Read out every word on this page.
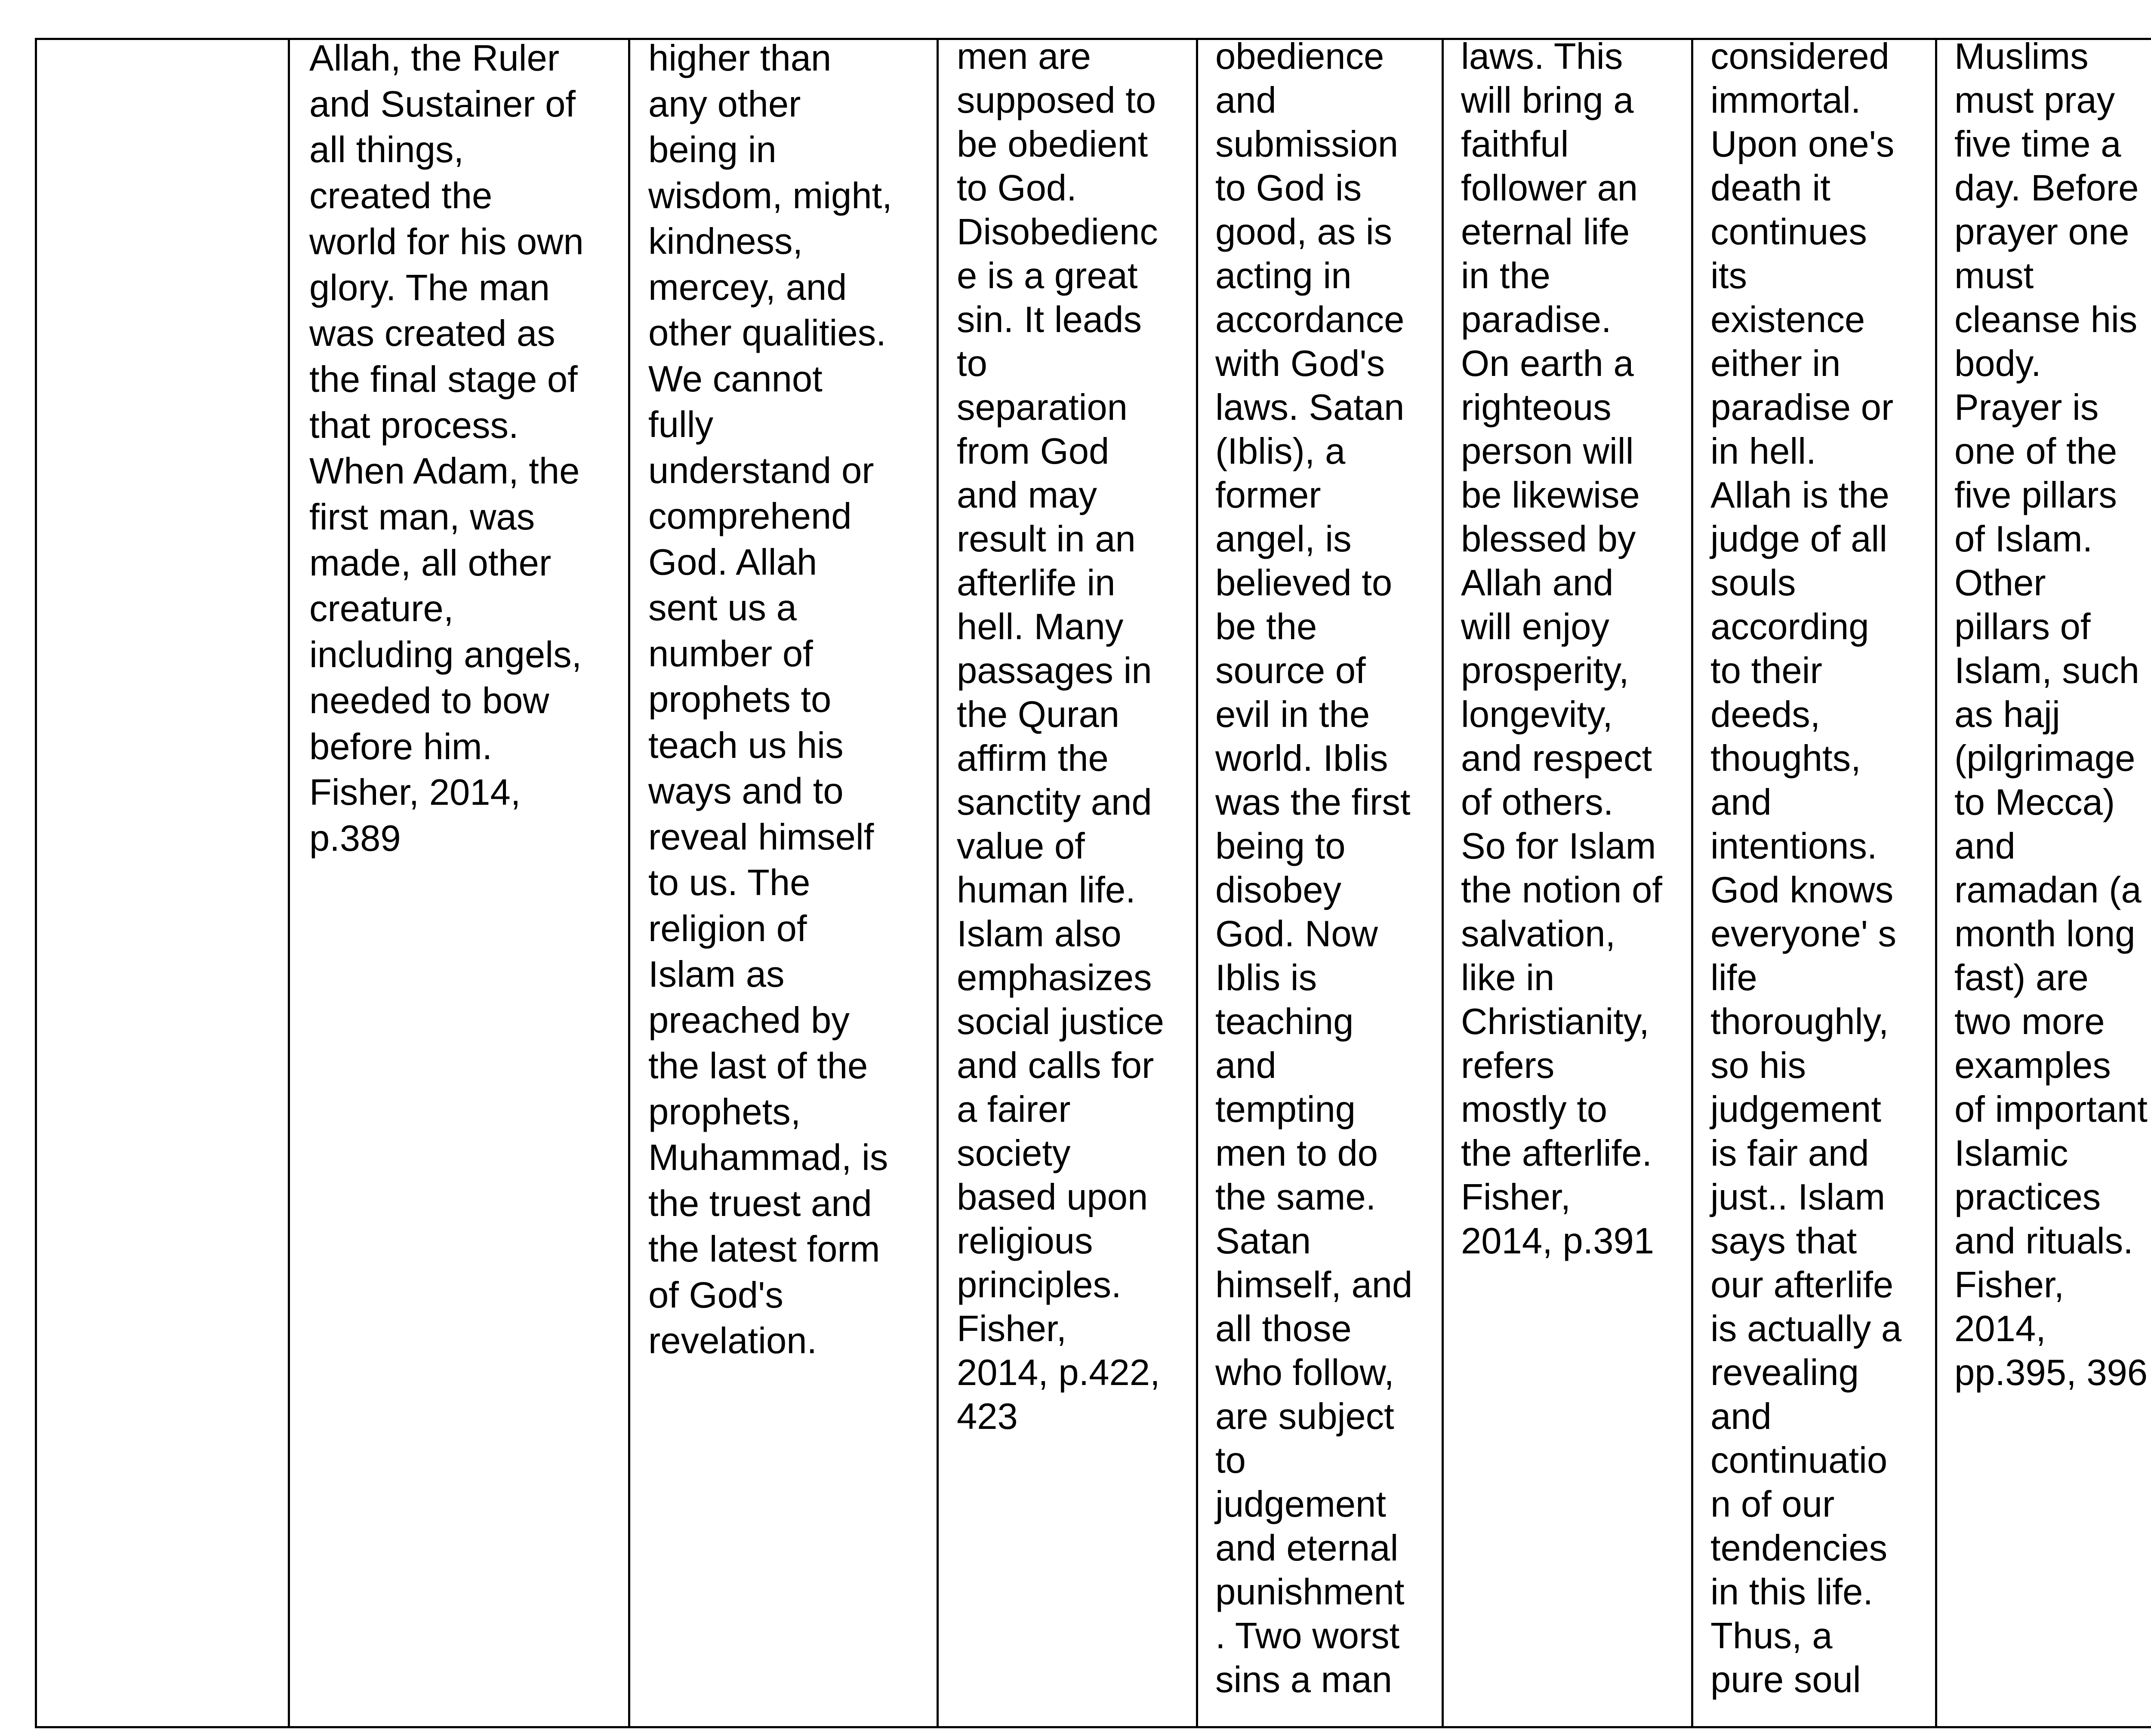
Allah, the Ruler
and Sustainer of
all things,
created the
world for his own
glory. The man
was created as
the final stage of
that process.
When Adam, the
first man, was
made, all other
creature,
including angels,
needed to bow
before him.
Fisher, 2014,
p.389

higher than
any other
being in
wisdom, might,
kindness,
mercey, and
other qualities.
We cannot
fully
understand or
comprehend
God. Allah
sent us a
number of
prophets to
teach us his
ways and to
reveal himself
to us. The
religion of
Islam as
preached by
the last of the
prophets,
Muhammad, is
the truest and
the latest form
of God's
revelation.

men are
supposed to
be obedient
to God.
Disobedienc
e is a great
sin. It leads
to
separation
from God
and may
result in an
afterlife in
hell. Many
passages in
the Quran
affirm the
sanctity and
value of
human life.
Islam also
emphasizes
social justice
and calls for
a fairer
society
based upon
religious
principles.
Fisher,
2014, p.422,
423

obedience
and
submission
to God is
good, as is
acting in
accordance
with God's
laws. Satan
(Iblis), a
former
angel, is
believed to
be the
source of
evil in the
world. Iblis
was the first
being to
disobey
God. Now
Iblis is
teaching
and
tempting
men to do
the same.
Satan
himself, and
all those
who follow,
are subject
to
judgement
and eternal
punishment
. Two worst
sins a man

laws. This
will bring a
faithful
follower an
eternal life
in the
paradise.
On earth a
righteous
person will
be likewise
blessed by
Allah and
will enjoy
prosperity,
longevity,
and respect
of others.
So for Islam
the notion of
salvation,
like in
Christianity,
refers
mostly to
the afterlife.
Fisher,
2014, p.391

considered
immortal.
Upon one's
death it
continues
its
existence
either in
paradise or
in hell.
Allah is the
judge of all
souls
according
to their
deeds,
thoughts,
and
intentions.
God knows
everyone' s
life
thoroughly,
so his
judgement
is fair and
just.. Islam
says that
our afterlife
is actually a
revealing
and
continuatio
n of our
tendencies
in this life.
Thus, a
pure soul

Muslims
must pray
five time a
day. Before
prayer one
must
cleanse his
body.
Prayer is
one of the
five pillars
of Islam.
Other
pillars of
Islam, such
as hajj
(pilgrimage
to Mecca)
and
ramadan (a
month long
fast) are
two more
examples
of important
Islamic
practices
and rituals.
Fisher,
2014,
pp.395, 396
